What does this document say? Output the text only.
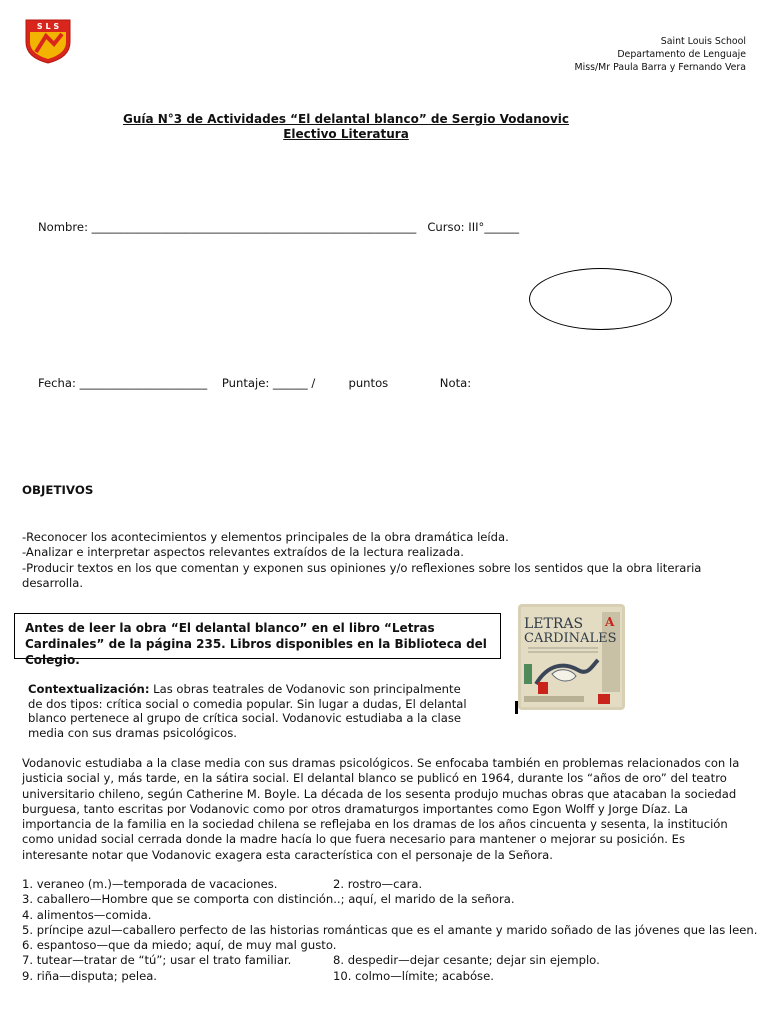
S L S
Saint Louis School
Departamento de Lenguaje
Miss/Mr Paula Barra y Fernando Vera
Guía N°3 de Actividades “El delantal blanco” de Sergio Vodanovic
Electivo Literatura
Nombre: ________________________________________________________   Curso: III°______
Fecha: ______________________    Puntaje: ______ /         puntos              Nota:
OBJETIVOS
-Reconocer los acontecimientos y elementos principales de la obra dramática leída.
-Analizar e interpretar aspectos relevantes extraídos de la lectura realizada.
-Producir textos en los que comentan y exponen sus opiniones y/o reflexiones sobre los sentidos que la obra literaria desarrolla.
Antes de leer la obra “El delantal blanco” en el libro “Letras Cardinales” de la página 235. Libros disponibles en la Biblioteca del Colegio.
A
LETRAS
CARDINALES
Contextualización: Las obras teatrales de Vodanovic son principalmente de dos tipos: crítica social o comedia popular. Sin lugar a dudas, El delantal blanco pertenece al grupo de crítica social. Vodanovic estudiaba a la clase media con sus dramas psicológicos.
Vodanovic estudiaba a la clase media con sus dramas psicológicos. Se enfocaba también en problemas relacionados con la justicia social y, más tarde, en la sátira social. El delantal blanco se publicó en 1964, durante los “años de oro” del teatro universitario chileno, según Catherine M. Boyle. La década de los sesenta produjo muchas obras que atacaban la sociedad burguesa, tanto escritas por Vodanovic como por otros dramaturgos importantes como Egon Wolff y Jorge Díaz. La importancia de la familia en la sociedad chilena se reflejaba en los dramas de los años cincuenta y sesenta, la institución como unidad social cerrada donde la madre hacía lo que fuera necesario para mantener o mejorar su posición. Es interesante notar que Vodanovic exagera esta característica con el personaje de la Señora.
1. veraneo (m.)—temporada de vacaciones.	2. rostro—cara.
3. caballero—Hombre que se comporta con distinción..; aquí, el marido de la señora.
4. alimentos—comida.
5. príncipe azul—caballero perfecto de las historias románticas que es el amante y marido soñado de las jóvenes que las leen.
6. espantoso—que da miedo; aquí, de muy mal gusto.
7. tutear—tratar de “tú”; usar el trato familiar.	8. despedir—dejar cesante; dejar sin ejemplo.
9. riña—disputa; pelea.	10. colmo—límite; acabóse.
